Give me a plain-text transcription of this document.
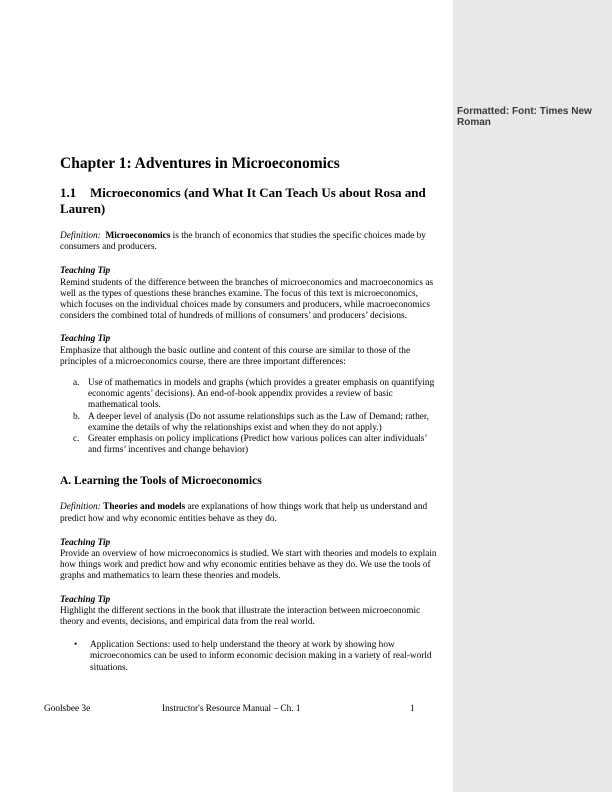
Formatted: Font: Times New Roman
Chapter 1: Adventures in Microeconomics
1.1 Microeconomics (and What It Can Teach Us about Rosa and Lauren)

Definition: Microeconomics is the branch of economics that studies the specific choices made by consumers and producers.

Teaching Tip

Remind students of the difference between the branches of microeconomics and macroeconomics as well as the types of questions these branches examine. The focus of this text is microeconomics, which focuses on the individual choices made by consumers and producers, while macroeconomics considers the combined total of hundreds of millions of consumers’ and producers’ decisions.

Teaching Tip

Emphasize that although the basic outline and content of this course are similar to those of the principles of a microeconomics course, there are three important differences:

a. Use of mathematics in models and graphs (which provides a greater emphasis on quantifying economic agents’ decisions). An end-of-book appendix provides a review of basic mathematical tools.
b. A deeper level of analysis (Do not assume relationships such as the Law of Demand; rather, examine the details of why the relationships exist and when they do not apply.)
c. Greater emphasis on policy implications (Predict how various polices can alter individuals’ and firms’ incentives and change behavior)
A. Learning the Tools of Microeconomics

Definition: Theories and models are explanations of how things work that help us understand and predict how and why economic entities behave as they do.

Teaching Tip

Provide an overview of how microeconomics is studied. We start with theories and models to explain how things work and predict how and why economic entities behave as they do. We use the tools of graphs and mathematics to learn these theories and models.

Teaching Tip

Highlight the different sections in the book that illustrate the interaction between microeconomic theory and events, decisions, and empirical data from the real world.

• Application Sections: used to help understand the theory at work by showing how microeconomics can be used to inform economic decision making in a variety of real-world situations.
Goolsbee 3e	Instructor's Resource Manual – Ch. 1	1
